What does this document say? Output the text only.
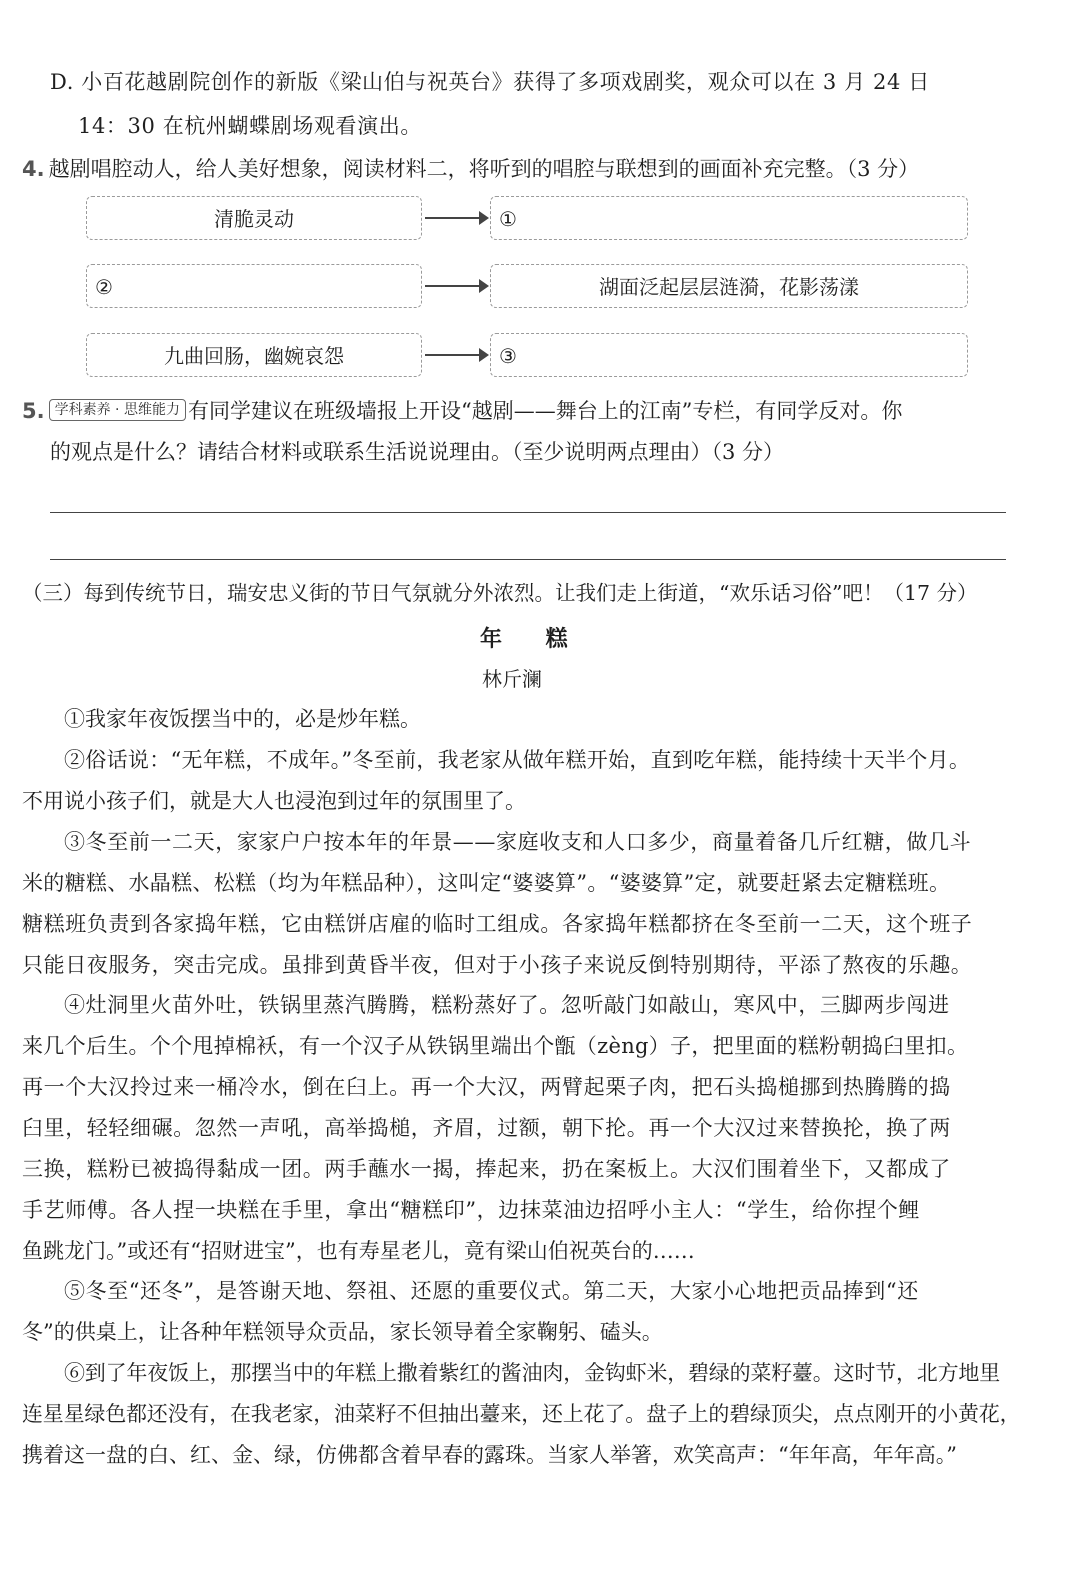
D. 小百花越剧院创作的新版《梁山伯与祝英台》获得了多项戏剧奖，观众可以在 3 月 24 日
14：30 在杭州蝴蝶剧场观看演出。
4. 越剧唱腔动人，给人美好想象，阅读材料二，将听到的唱腔与联想到的画面补充完整。（3 分）
清脆灵动	①
②	湖面泛起层层涟漪，花影荡漾
九曲回肠，幽婉哀怨	③
5. 学科素养 · 思维能力 有同学建议在班级墙报上开设“越剧——舞台上的江南”专栏，有同学反对。你
的观点是什么？请结合材料或联系生活说说理由。（至少说明两点理由）（3 分）
（三）每到传统节日，瑞安忠义街的节日气氛就分外浓烈。让我们走上街道，“欢乐话习俗”吧！（17 分）
年 糕
林斤澜
①我家年夜饭摆当中的，必是炒年糕。
②俗话说：“无年糕，不成年。”冬至前，我老家从做年糕开始，直到吃年糕，能持续十天半个月。
不用说小孩子们，就是大人也浸泡到过年的氛围里了。
③冬至前一二天，家家户户按本年的年景——家庭收支和人口多少，商量着备几斤红糖，做几斗
米的糖糕、水晶糕、松糕（均为年糕品种），这叫定“婆婆算”。“婆婆算”定，就要赶紧去定糖糕班。
糖糕班负责到各家捣年糕，它由糕饼店雇的临时工组成。各家捣年糕都挤在冬至前一二天，这个班子
只能日夜服务，突击完成。虽排到黄昏半夜，但对于小孩子来说反倒特别期待，平添了熬夜的乐趣。
④灶洞里火苗外吐，铁锅里蒸汽腾腾，糕粉蒸好了。忽听敲门如敲山，寒风中，三脚两步闯进
来几个后生。个个甩掉棉袄，有一个汉子从铁锅里端出个甑（zèng）子，把里面的糕粉朝捣臼里扣。
再一个大汉拎过来一桶冷水，倒在臼上。再一个大汉，两臂起栗子肉，把石头捣槌挪到热腾腾的捣
臼里，轻轻细碾。忽然一声吼，高举捣槌，齐眉，过额，朝下抡。再一个大汉过来替换抡，换了两
三换，糕粉已被捣得黏成一团。两手蘸水一揭，捧起来，扔在案板上。大汉们围着坐下，又都成了
手艺师傅。各人捏一块糕在手里，拿出“糖糕印”，边抹菜油边招呼小主人：“学生，给你捏个鲤
鱼跳龙门。”或还有“招财进宝”，也有寿星老儿，竟有梁山伯祝英台的……
⑤冬至“还冬”，是答谢天地、祭祖、还愿的重要仪式。第二天，大家小心地把贡品捧到“还
冬”的供桌上，让各种年糕领导众贡品，家长领导着全家鞠躬、磕头。
⑥到了年夜饭上，那摆当中的年糕上撒着紫红的酱油肉，金钩虾米，碧绿的菜籽薹。这时节，北方地里
连星星绿色都还没有，在我老家，油菜籽不但抽出薹来，还上花了。盘子上的碧绿顶尖，点点刚开的小黄花，
携着这一盘的白、红、金、绿，仿佛都含着早春的露珠。当家人举箸，欢笑高声：“年年高，年年高。”
